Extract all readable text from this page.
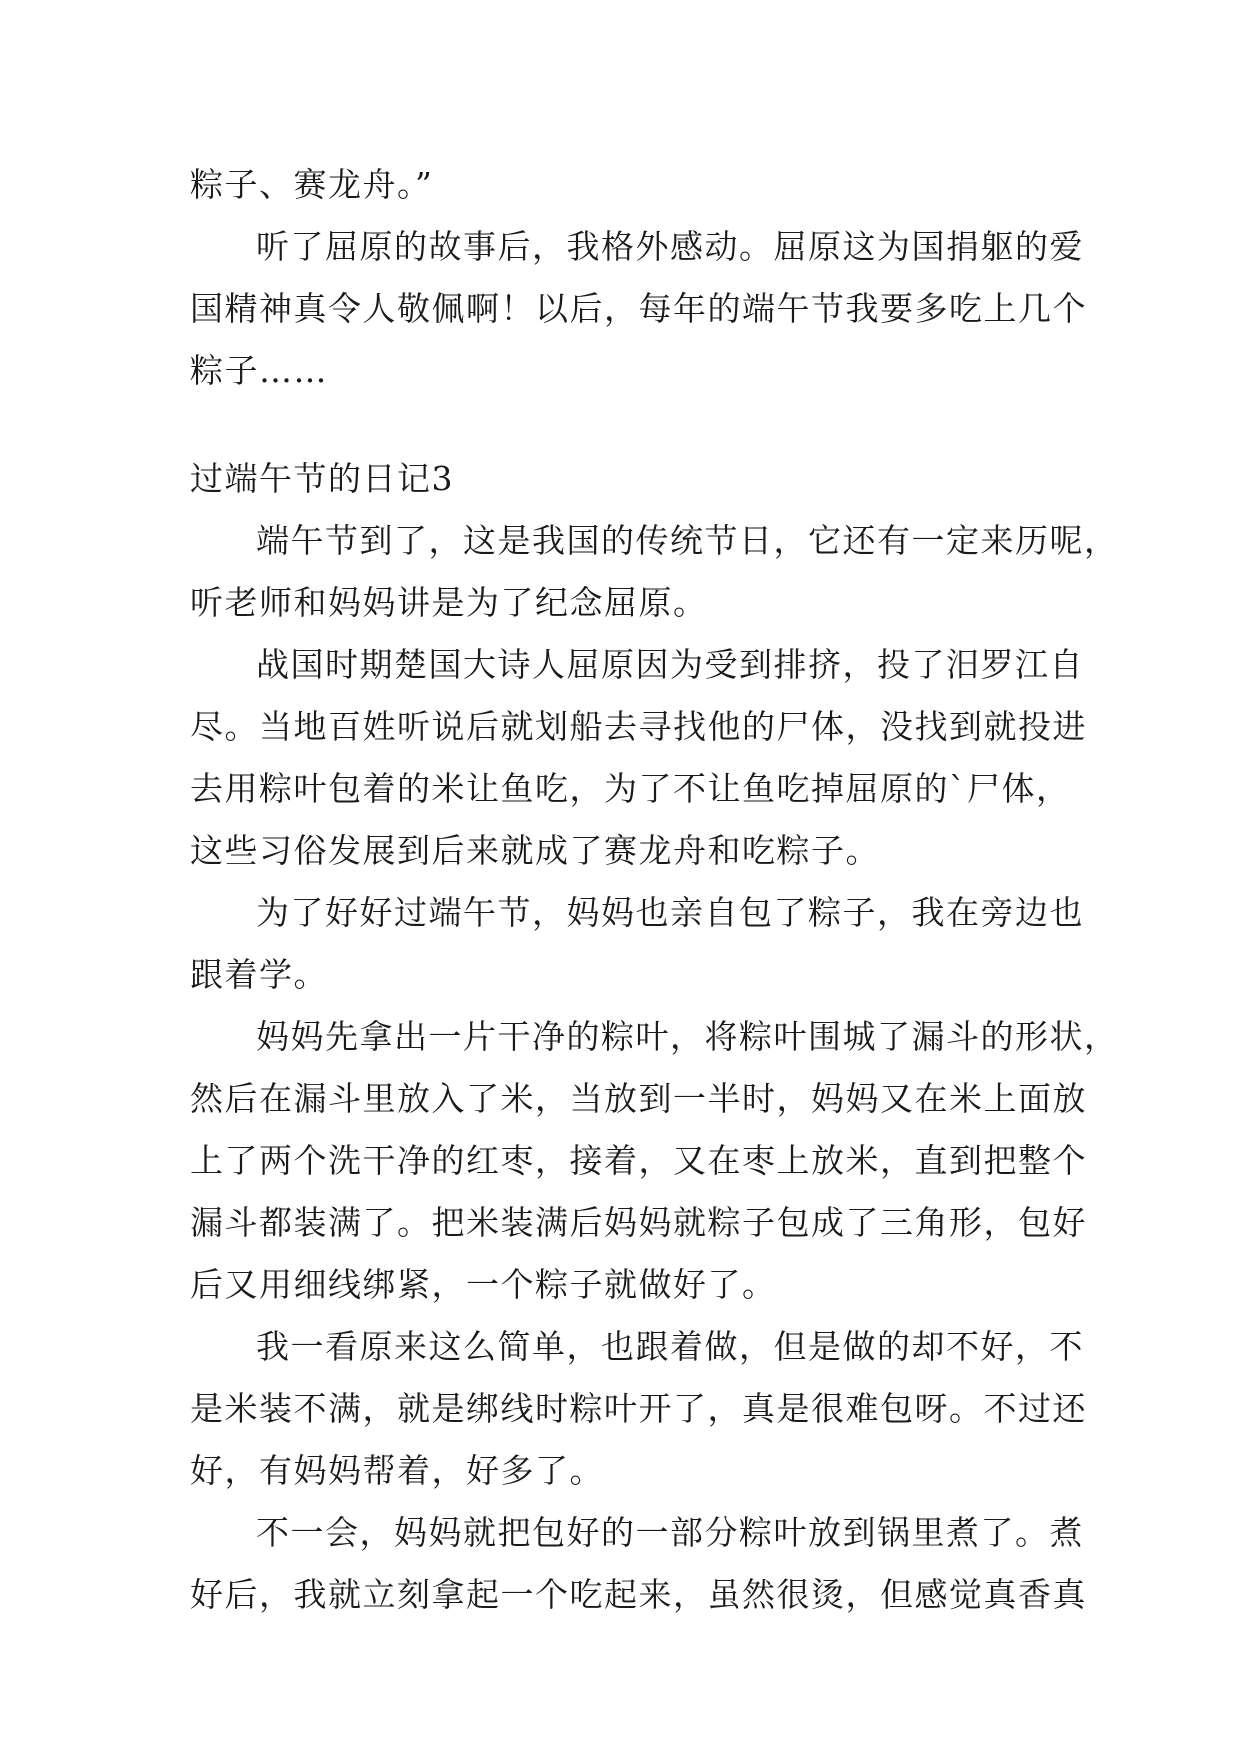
粽子、赛龙舟。”
听了屈原的故事后，我格外感动。屈原这为国捐躯的爱
国精神真令人敬佩啊！以后，每年的端午节我要多吃上几个
粽子……
过端午节的日记3
端午节到了，这是我国的传统节日，它还有一定来历呢，
听老师和妈妈讲是为了纪念屈原。
战国时期楚国大诗人屈原因为受到排挤，投了汨罗江自
尽。当地百姓听说后就划船去寻找他的尸体，没找到就投进
去用粽叶包着的米让鱼吃，为了不让鱼吃掉屈原的`尸体，
这些习俗发展到后来就成了赛龙舟和吃粽子。
为了好好过端午节，妈妈也亲自包了粽子，我在旁边也
跟着学。
妈妈先拿出一片干净的粽叶，将粽叶围城了漏斗的形状，
然后在漏斗里放入了米，当放到一半时，妈妈又在米上面放
上了两个洗干净的红枣，接着，又在枣上放米，直到把整个
漏斗都装满了。把米装满后妈妈就粽子包成了三角形，包好
后又用细线绑紧，一个粽子就做好了。
我一看原来这么简单，也跟着做，但是做的却不好，不
是米装不满，就是绑线时粽叶开了，真是很难包呀。不过还
好，有妈妈帮着，好多了。
不一会，妈妈就把包好的一部分粽叶放到锅里煮了。煮
好后，我就立刻拿起一个吃起来，虽然很烫，但感觉真香真
